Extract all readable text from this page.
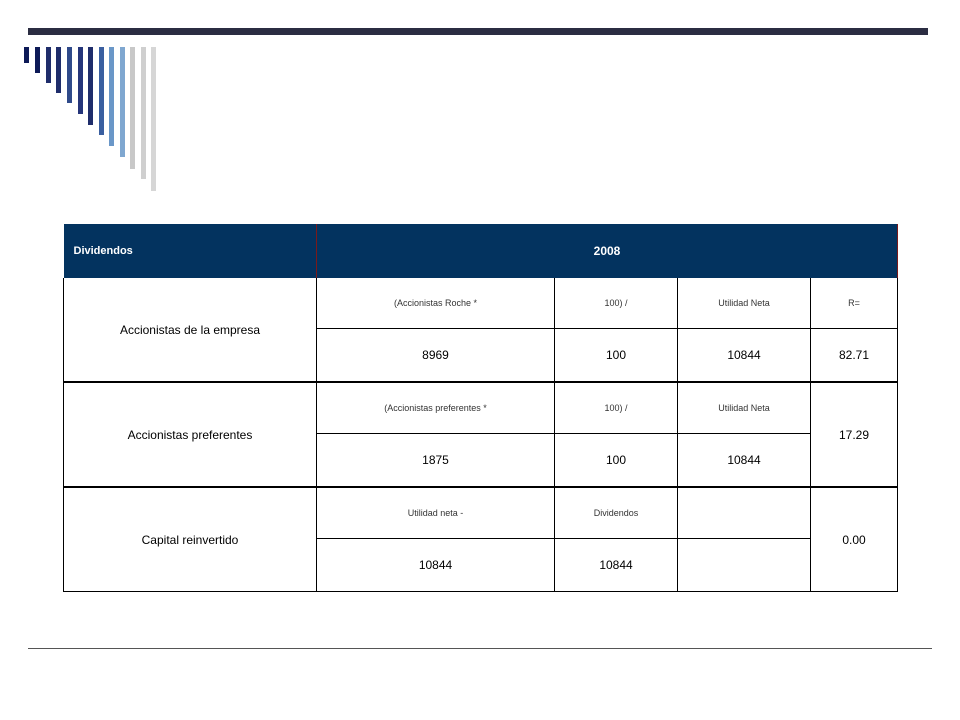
Dividendos	2008			
Accionistas de la empresa	(Accionistas Roche *	100) /	Utilidad Neta	R=
	8969	100	10844	82.71
Accionistas preferentes	(Accionistas preferentes *	100) /	Utilidad Neta	17.29
	1875	100	10844	
Capital reinvertido	Utilidad neta -	Dividendos		0.00
	10844	10844		
